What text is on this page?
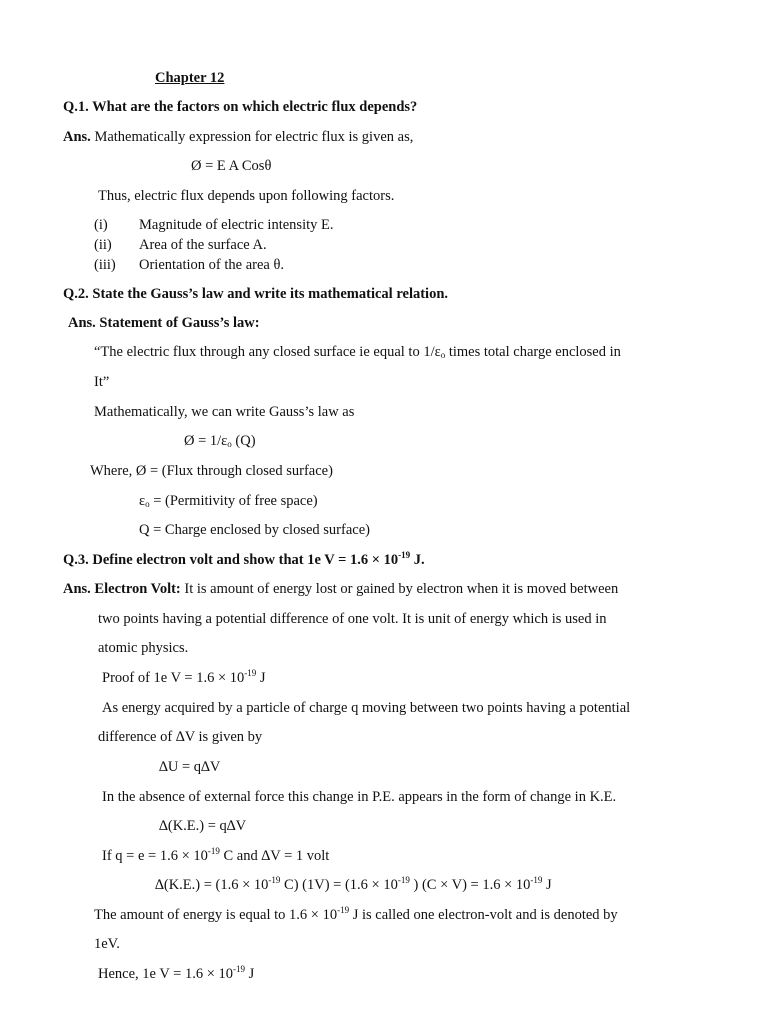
Chapter 12
Q.1. What are the factors on which electric flux depends?
Ans. Mathematically expression for electric flux is given as,
Ø = E A Cosθ
Thus, electric flux depends upon following factors.
(i) Magnitude of electric intensity E.
(ii) Area of the surface A.
(iii) Orientation of the area θ.
Q.2. State the Gauss’s law and write its mathematical relation.
Ans. Statement of Gauss’s law:
“The electric flux through any closed surface ie equal to $1/\varepsilon_o$ times total charge enclosed in
It”
Mathematically, we can write Gauss’s law as
Ø = $1/\varepsilon_o$ (Q)
Where, Ø = (Flux through closed surface)
$\varepsilon_o$ = (Permitivity of free space)
Q = Charge enclosed by closed surface)
Q.3. Define electron volt and show that 1e $V = 1.6 \times 10^{-19}$ J.
Ans. Electron Volt: It is amount of energy lost or gained by electron when it is moved between
two points having a potential difference of one volt. It is unit of energy which is used in
atomic physics.
Proof of 1e $V = 1.6 \times 10^{-19}$ J
As energy acquired by a particle of charge q moving between two points having a potential
difference of ∆V is given by
∆U = q∆V
In the absence of external force this change in P.E. appears in the form of change in K.E.
∆(K.E.) = q∆V
If $q = e = 1.6 \times 10^{-19}$ C and ∆V = 1 volt
$\Delta(K.E.) = (1.6 \times 10^{-19}$ C) $(1V) = (1.6 \times 10^{-19}$ ) $(C \times V) = 1.6 \times 10^{-19}$ J
The amount of energy is equal to $1.6 \times 10^{-19}$ J is called one electron-volt and is denoted by
1eV.
Hence, 1e $V = 1.6 \times 10^{-19}$ J
